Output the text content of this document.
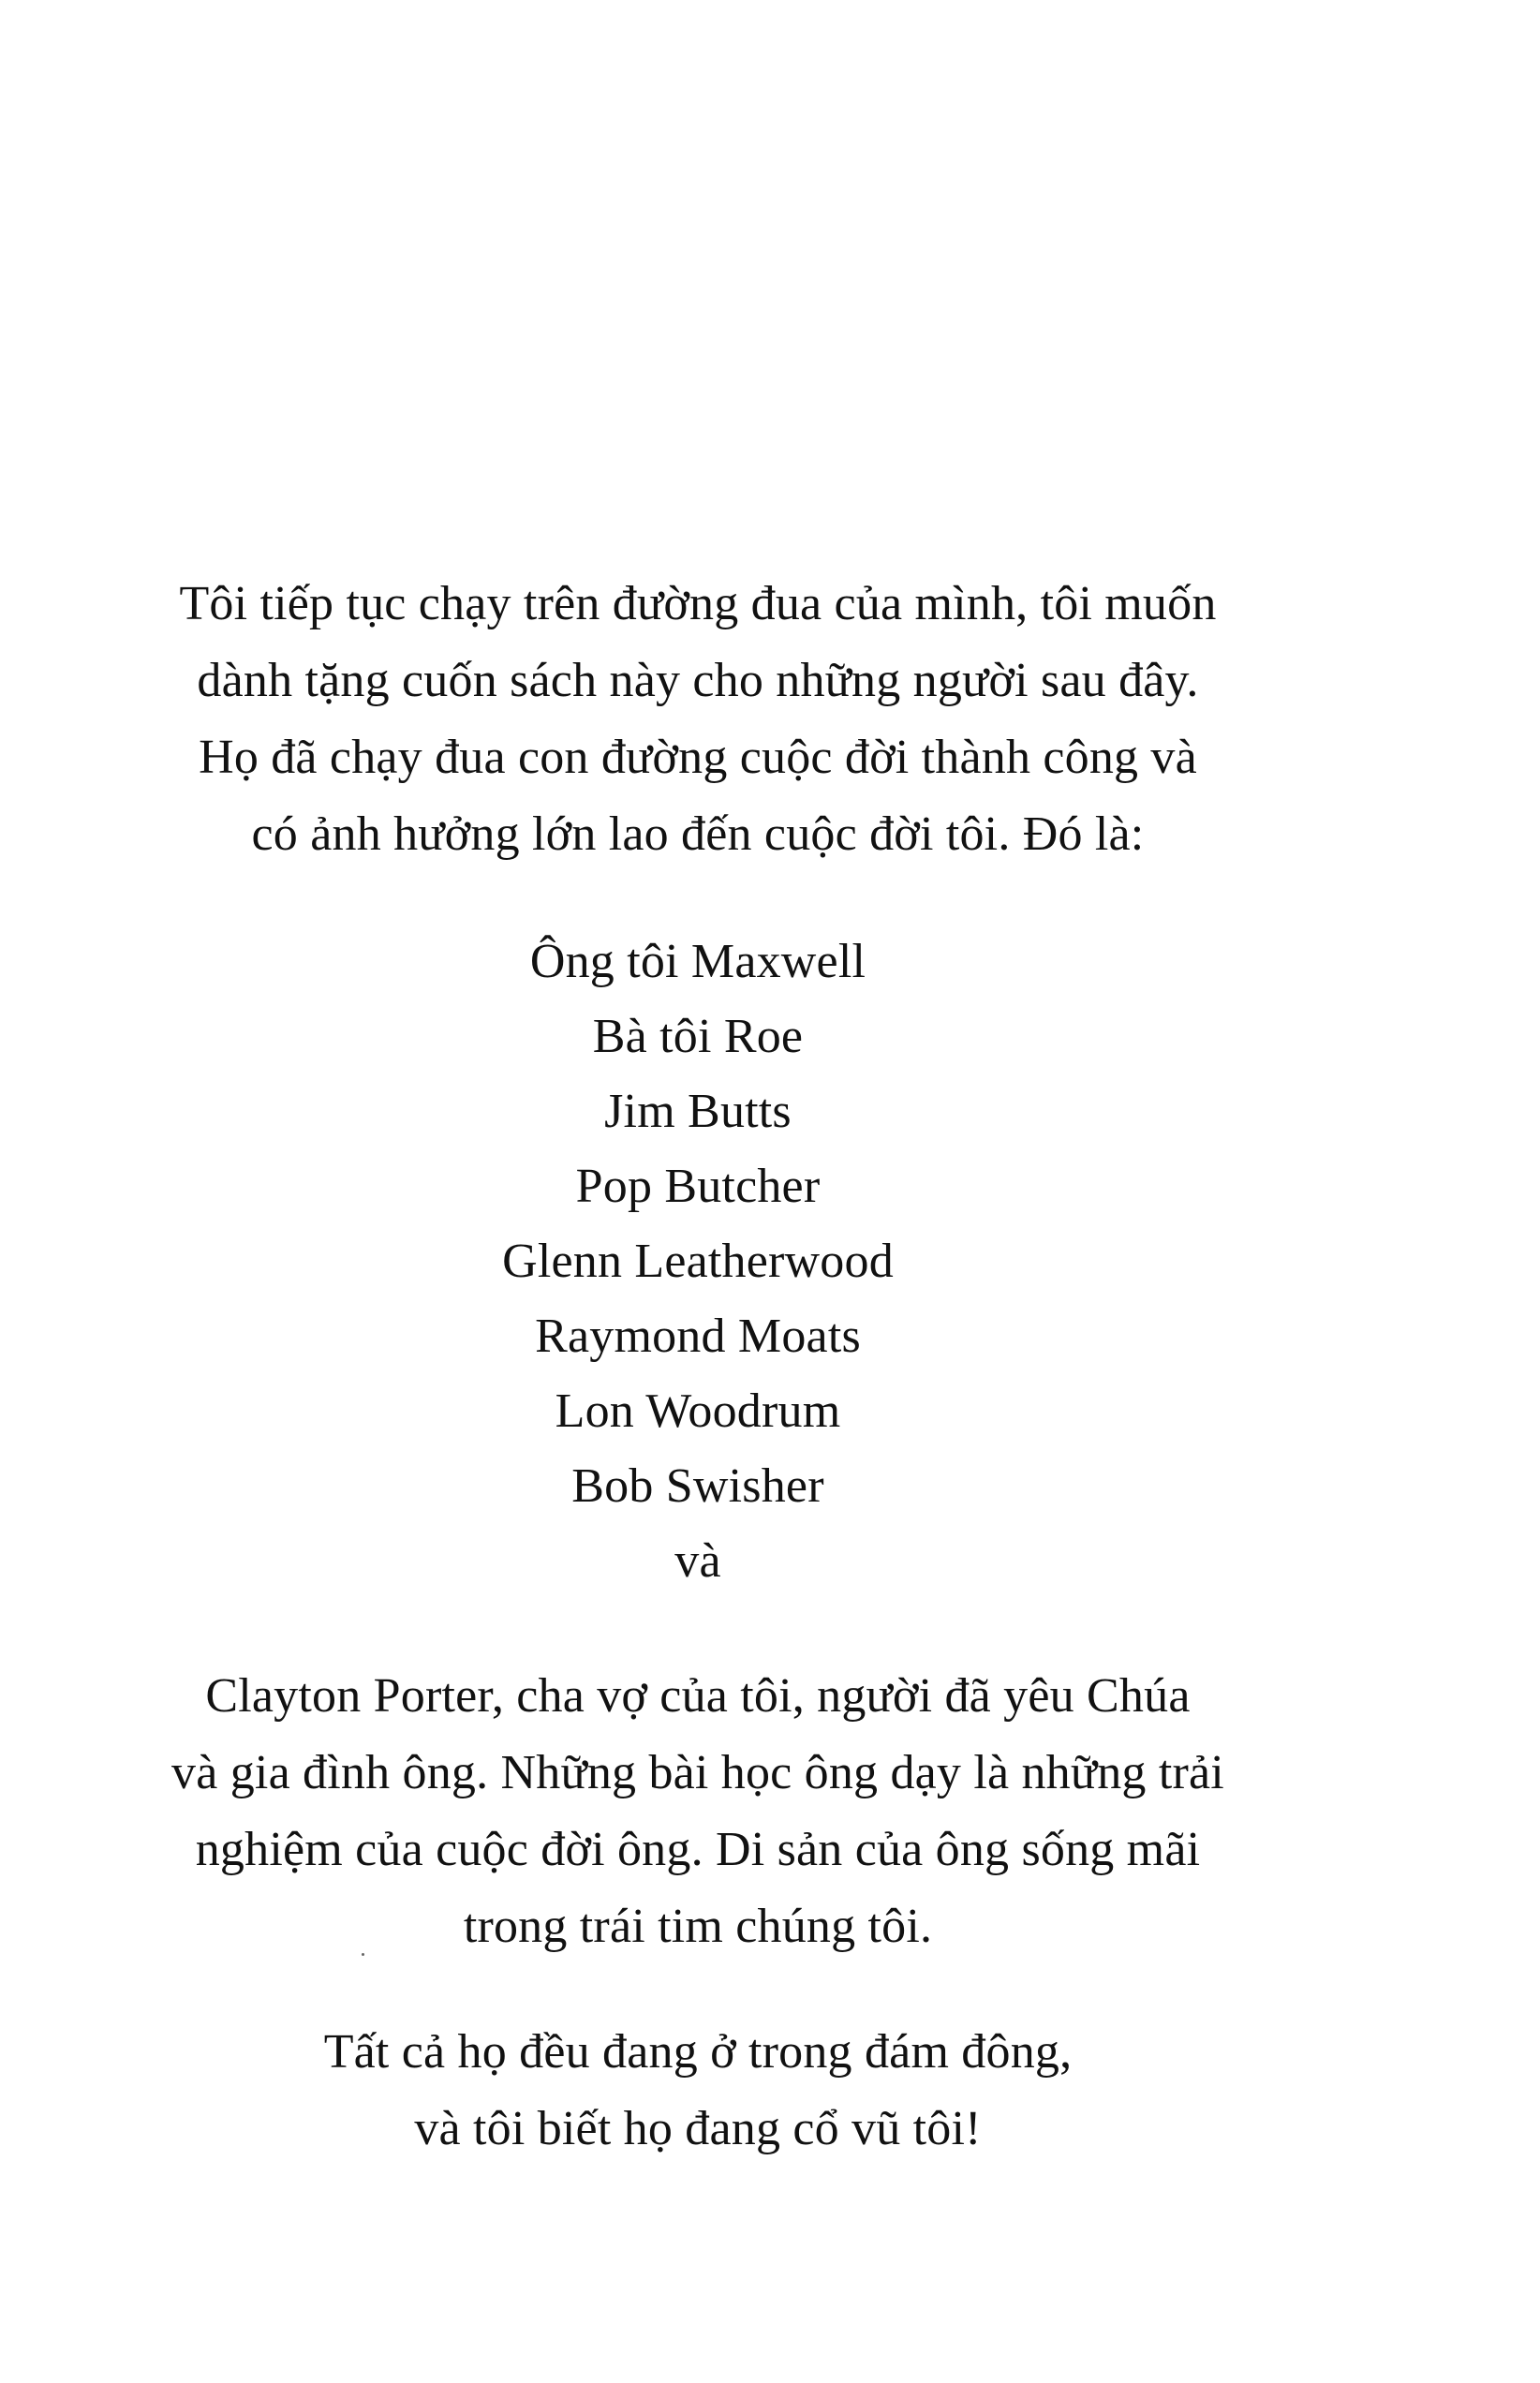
Tôi tiếp tục chạy trên đường đua của mình, tôi muốn
dành tặng cuốn sách này cho những người sau đây.
Họ đã chạy đua con đường cuộc đời thành công và
có ảnh hưởng lớn lao đến cuộc đời tôi. Đó là:
Ông tôi Maxwell
Bà tôi Roe
Jim Butts
Pop Butcher
Glenn Leatherwood
Raymond Moats
Lon Woodrum
Bob Swisher
và
Clayton Porter, cha vợ của tôi, người đã yêu Chúa
và gia đình ông. Những bài học ông dạy là những trải
nghiệm của cuộc đời ông. Di sản của ông sống mãi
trong trái tim chúng tôi.
Tất cả họ đều đang ở trong đám đông,
và tôi biết họ đang cổ vũ tôi!
